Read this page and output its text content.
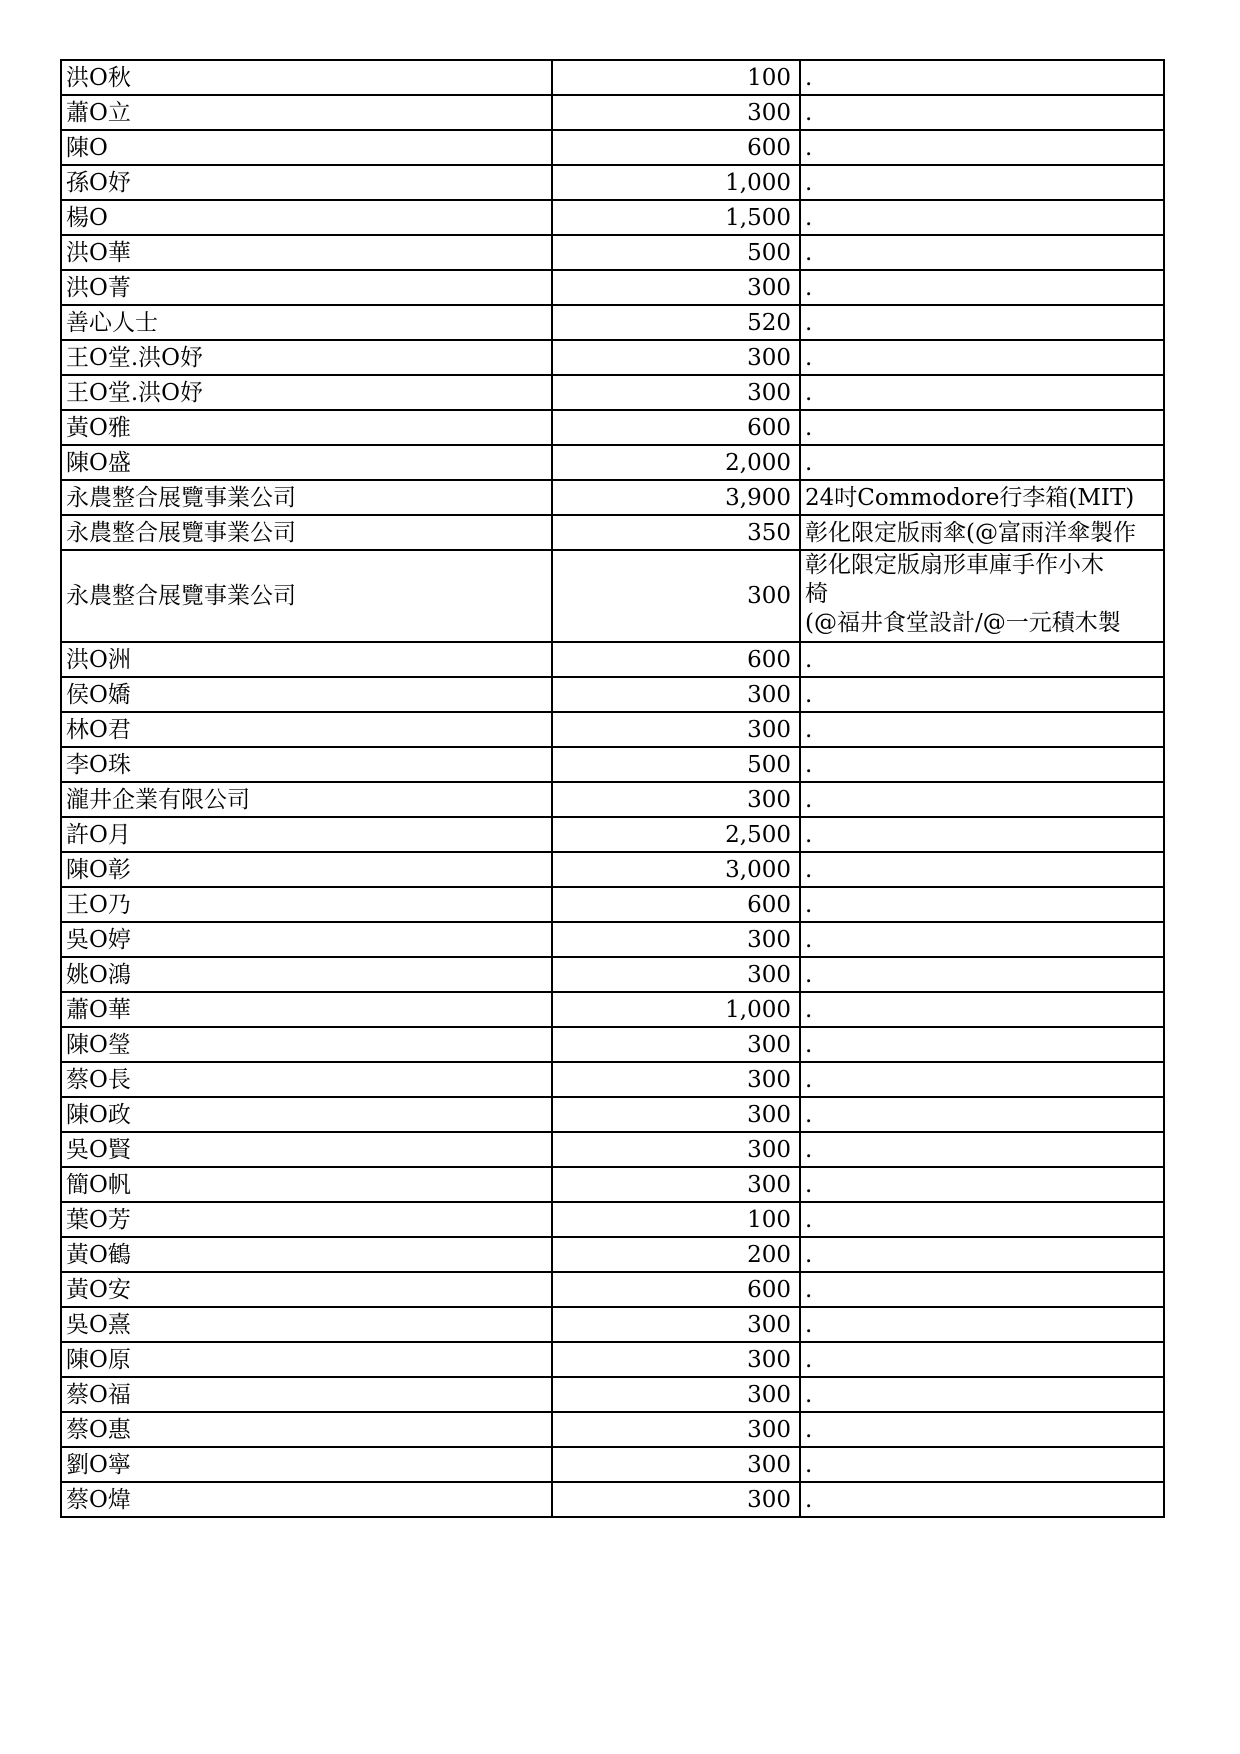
洪O秋	100	.
蕭O立	300	.
陳O	600	.
孫O妤	1,000	.
楊O	1,500	.
洪O華	500	.
洪O菁	300	.
善心人士	520	.
王O堂.洪O妤	300	.
王O堂.洪O妤	300	.
黃O雅	600	.
陳O盛	2,000	.
永農整合展覽事業公司	3,900	24吋Commodore行李箱(MIT)
永農整合展覽事業公司	350	彰化限定版雨傘(@富雨洋傘製作
永農整合展覽事業公司	300	彰化限定版扇形車庫手作小木
椅
(@福井食堂設計/@一元積木製
洪O洲	600	.
侯O嬌	300	.
林O君	300	.
李O珠	500	.
瀧井企業有限公司	300	.
許O月	2,500	.
陳O彰	3,000	.
王O乃	600	.
吳O婷	300	.
姚O鴻	300	.
蕭O華	1,000	.
陳O瑩	300	.
蔡O長	300	.
陳O政	300	.
吳O賢	300	.
簡O帆	300	.
葉O芳	100	.
黃O鶴	200	.
黃O安	600	.
吳O熹	300	.
陳O原	300	.
蔡O福	300	.
蔡O惠	300	.
劉O寧	300	.
蔡O煒	300	.
